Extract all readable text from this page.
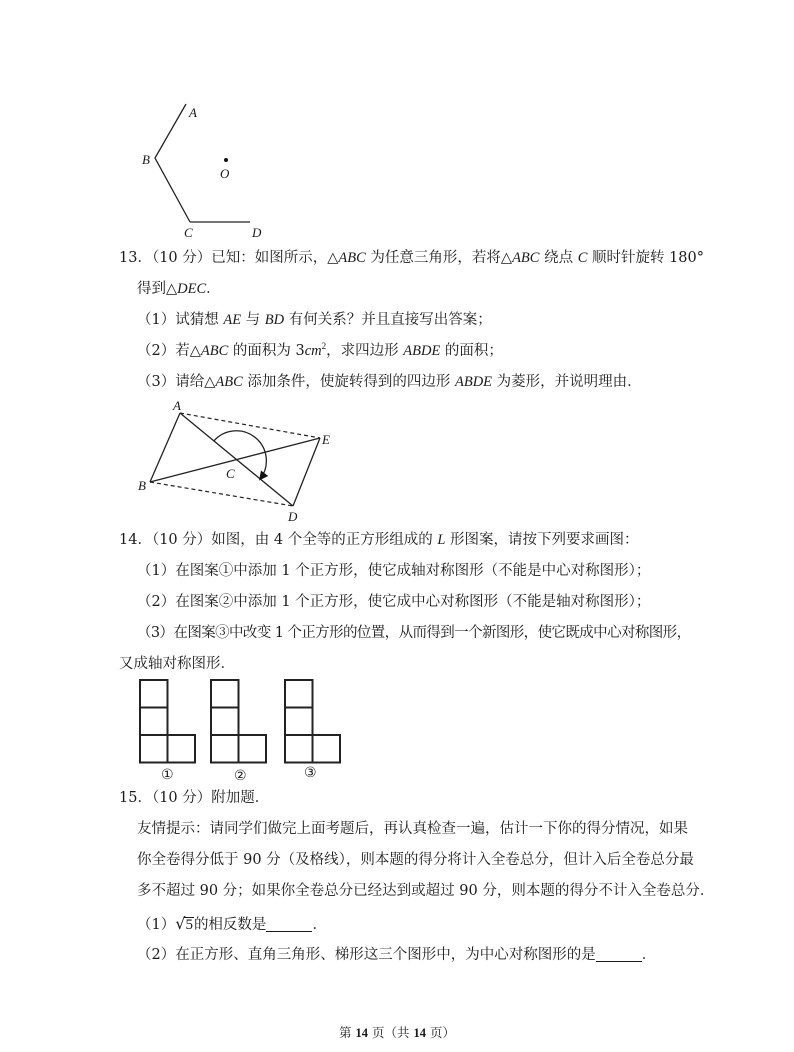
A
B
C	D
O
13．（10 分）已知：如图所示，△ABC 为任意三角形，若将△ABC 绕点 C 顺时针旋转 180°
得到△DEC．
（1）试猜想 AE 与 BD 有何关系？并且直接写出答案；
（2）若△ABC 的面积为 $3cm^2$，求四边形 ABDE 的面积；
（3）请给△ABC 添加条件，使旋转得到的四边形 ABDE 为菱形，并说明理由．
A
B
C
D
E
14．（10 分）如图，由 4 个全等的正方形组成的 L 形图案，请按下列要求画图：
（1）在图案①中添加 1 个正方形，使它成轴对称图形（不能是中心对称图形）；
（2）在图案②中添加 1 个正方形，使它成中心对称图形（不能是轴对称图形）；
（3）在图案③中改变 1 个正方形的位置，从而得到一个新图形，使它既成中心对称图形，
又成轴对称图形．
①	②	③
15．（10 分）附加题．
友情提示：请同学们做完上面考题后，再认真检查一遍，估计一下你的得分情况，如果
你全卷得分低于 90 分（及格线），则本题的得分将计入全卷总分，但计入后全卷总分最
多不超过 90 分；如果你全卷总分已经达到或超过 90 分，则本题的得分不计入全卷总分．
（1）√5的相反数是	．
（2）在正方形、直角三角形、梯形这三个图形中，为中心对称图形的是	．
第 14 页（共 14 页）
